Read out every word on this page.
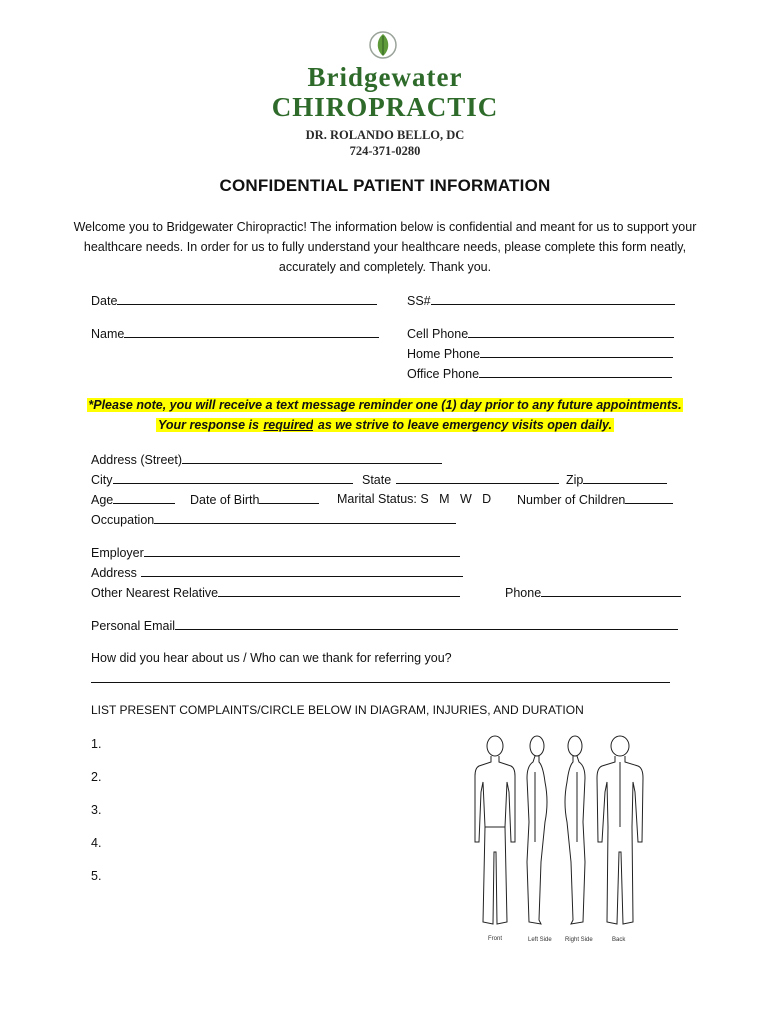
Bridgewater
CHIROPRACTIC
DR. ROLANDO BELLO, DC
724-371-0280
CONFIDENTIAL PATIENT INFORMATION
Welcome you to Bridgewater Chiropractic! The information below is confidential and meant for us to support your healthcare needs. In order for us to fully understand your healthcare needs, please complete this form neatly, accurately and completely. Thank you.
Date	SS#
Name	Cell Phone
Home Phone
Office Phone
*Please note, you will receive a text message reminder one (1) day prior to any future appointments.
Your response is required as we strive to leave emergency visits open daily.
Address (Street)
City	State	Zip
Age	Date of Birth	Marital Status: S   M   W   D Number of Children
Occupation
Employer
Address
Other Nearest Relative	Phone
Personal Email
How did you hear about us / Who can we thank for referring you?
LIST PRESENT COMPLAINTS/CIRCLE BELOW IN DIAGRAM, INJURIES, AND DURATION
1.
2.
3.
4.
5.
Front	Left Side Right Side	Back
